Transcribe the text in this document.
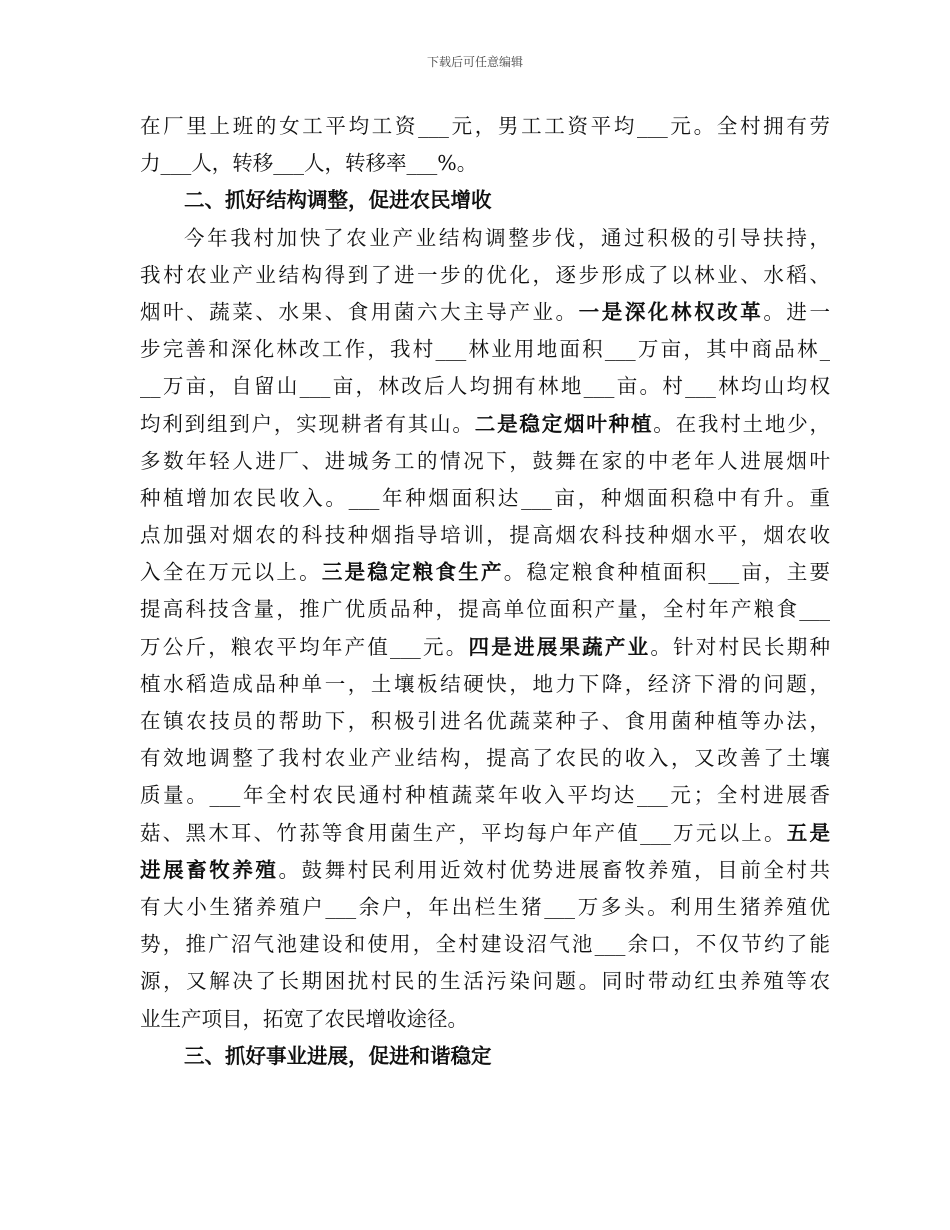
下载后可任意编辑
在厂里上班的女工平均工资___元，男工工资平均___元。全村拥有劳
力___人，转移___人，转移率___%。
二、抓好结构调整，促进农民增收
今年我村加快了农业产业结构调整步伐，通过积极的引导扶持，
我村农业产业结构得到了进一步的优化，逐步形成了以林业、水稻、
烟叶、蔬菜、水果、食用菌六大主导产业。一是深化林权改革。进一
步完善和深化林改工作，我村___林业用地面积___万亩，其中商品林_
__万亩，自留山___亩，林改后人均拥有林地___亩。村___林均山均权
均利到组到户，实现耕者有其山。二是稳定烟叶种植。在我村土地少，
多数年轻人进厂、进城务工的情况下，鼓舞在家的中老年人进展烟叶
种植增加农民收入。___年种烟面积达___亩，种烟面积稳中有升。重
点加强对烟农的科技种烟指导培训，提高烟农科技种烟水平，烟农收
入全在万元以上。三是稳定粮食生产。稳定粮食种植面积___亩，主要
提高科技含量，推广优质品种，提高单位面积产量，全村年产粮食___
万公斤，粮农平均年产值___元。四是进展果蔬产业。针对村民长期种
植水稻造成品种单一，土壤板结硬快，地力下降，经济下滑的问题，
在镇农技员的帮助下，积极引进名优蔬菜种子、食用菌种植等办法，
有效地调整了我村农业产业结构，提高了农民的收入，又改善了土壤
质量。___年全村农民通村种植蔬菜年收入平均达___元；全村进展香
菇、黑木耳、竹荪等食用菌生产，平均每户年产值___万元以上。五是
进展畜牧养殖。鼓舞村民利用近效村优势进展畜牧养殖，目前全村共
有大小生猪养殖户___余户，年出栏生猪___万多头。利用生猪养殖优
势，推广沼气池建设和使用，全村建设沼气池___余口，不仅节约了能
源，又解决了长期困扰村民的生活污染问题。同时带动红虫养殖等农
业生产项目，拓宽了农民增收途径。
三、抓好事业进展，促进和谐稳定
